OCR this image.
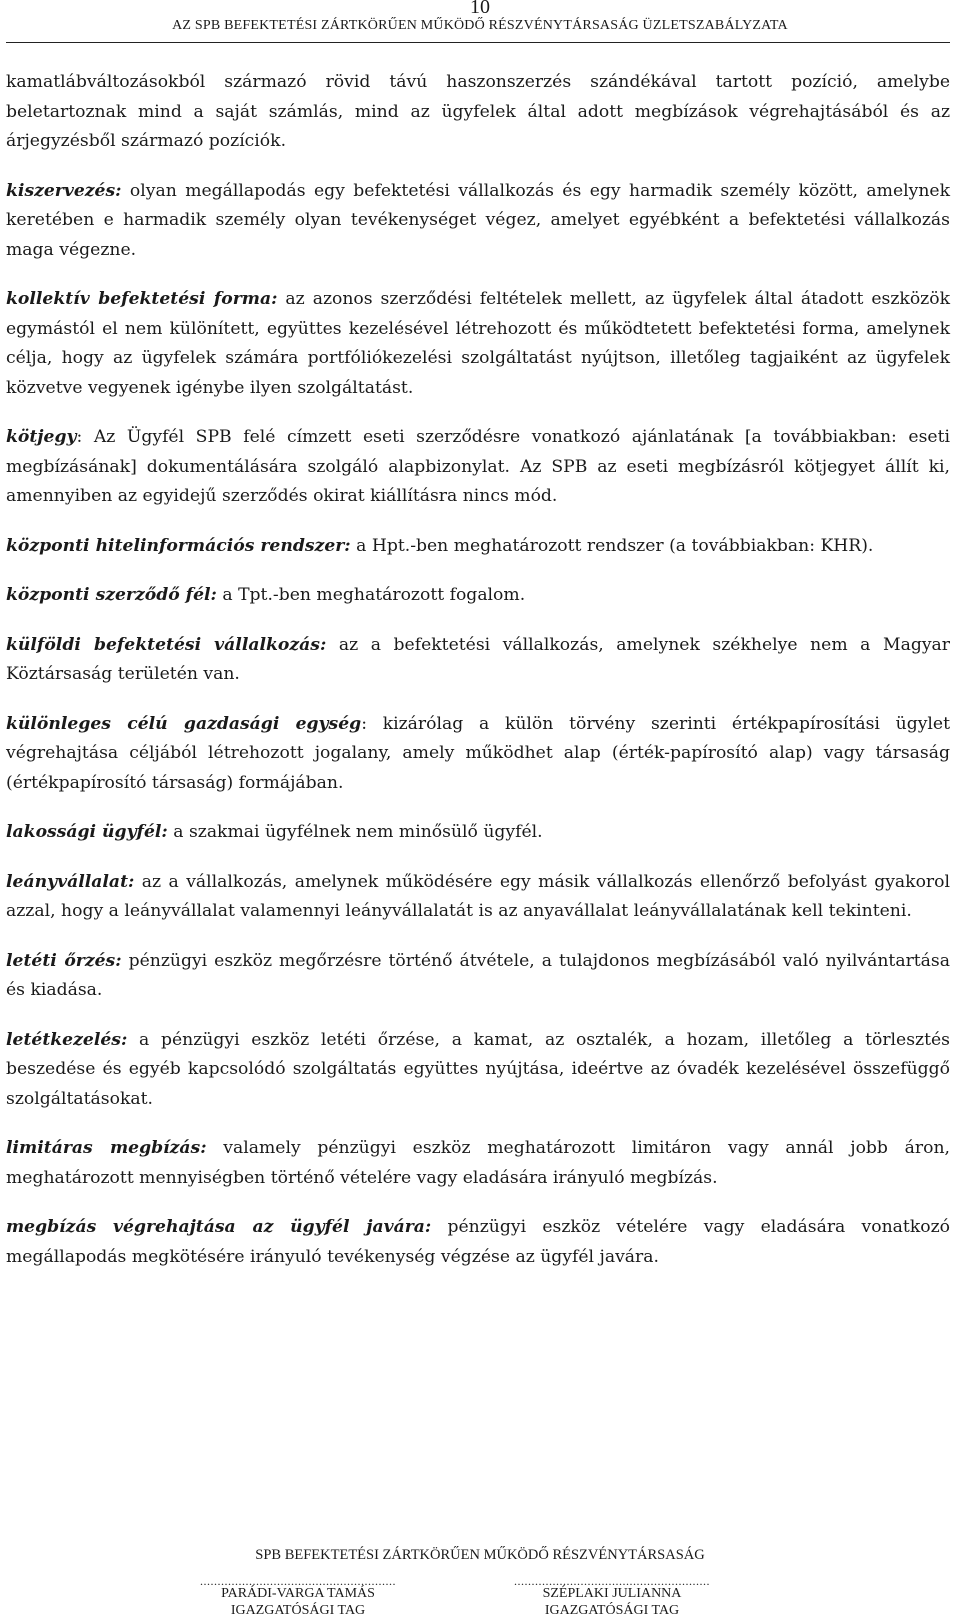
10
AZ SPB BEFEKTETÉSI ZÁRTKÖRŰEN MŰKÖDŐ RÉSZVÉNYTÁRSASÁG ÜZLETSZABÁLYZATA

kamatlábváltozásokból származó rövid távú haszonszerzés szándékával tartott pozíció, amelybe beletartoznak mind a saját számlás, mind az ügyfelek által adott megbízások végrehajtásából és az árjegyzésből származó pozíciók.

kiszervezés: olyan megállapodás egy befektetési vállalkozás és egy harmadik személy között, amelynek keretében e harmadik személy olyan tevékenységet végez, amelyet egyébként a befektetési vállalkozás maga végezne.

kollektív befektetési forma: az azonos szerződési feltételek mellett, az ügyfelek által átadott eszközök egymástól el nem különített, együttes kezelésével létrehozott és működtetett befektetési forma, amelynek célja, hogy az ügyfelek számára portfóliókezelési szolgáltatást nyújtson, illetőleg tagjaiként az ügyfelek közvetve vegyenek igénybe ilyen szolgáltatást.

kötjegy: Az Ügyfél SPB felé címzett eseti szerződésre vonatkozó ajánlatának [a továbbiakban: eseti megbízásának] dokumentálására szolgáló alapbizonylat. Az SPB az eseti megbízásról kötjegyet állít ki, amennyiben az egyidejű szerződés okirat kiállításra nincs mód.

központi hitelinformációs rendszer: a Hpt.-ben meghatározott rendszer (a továbbiakban: KHR).

központi szerződő fél: a Tpt.-ben meghatározott fogalom.

külföldi befektetési vállalkozás: az a befektetési vállalkozás, amelynek székhelye nem a Magyar Köztársaság területén van.

különleges célú gazdasági egység: kizárólag a külön törvény szerinti értékpapírosítási ügylet végrehajtása céljából létrehozott jogalany, amely működhet alap (érték-papírosító alap) vagy társaság (értékpapírosító társaság) formájában.

lakossági ügyfél: a szakmai ügyfélnek nem minősülő ügyfél.

leányvállalat: az a vállalkozás, amelynek működésére egy másik vállalkozás ellenőrző befolyást gyakorol azzal, hogy a leányvállalat valamennyi leányvállalatát is az anyavállalat leányvállalatának kell tekinteni.

letéti őrzés: pénzügyi eszköz megőrzésre történő átvétele, a tulajdonos megbízásából való nyilvántartása és kiadása.

letétkezelés: a pénzügyi eszköz letéti őrzése, a kamat, az osztalék, a hozam, illetőleg a törlesztés beszedése és egyéb kapcsolódó szolgáltatás együttes nyújtása, ideértve az óvadék kezelésével összefüggő szolgáltatásokat.

limitáras megbízás: valamely pénzügyi eszköz meghatározott limitáron vagy annál jobb áron, meghatározott mennyiségben történő vételére vagy eladására irányuló megbízás.

megbízás végrehajtása az ügyfél javára: pénzügyi eszköz vételére vagy eladására vonatkozó megállapodás megkötésére irányuló tevékenység végzése az ügyfél javára.

SPB BEFEKTETÉSI ZÁRTKÖRŰEN MŰKÖDŐ RÉSZVÉNYTÁRSASÁG
........................................................
PARÁDI-VARGA TAMÁS
IGAZGATÓSÁGI TAG
........................................................
SZÉPLAKI JULIANNA
IGAZGATÓSÁGI TAG
